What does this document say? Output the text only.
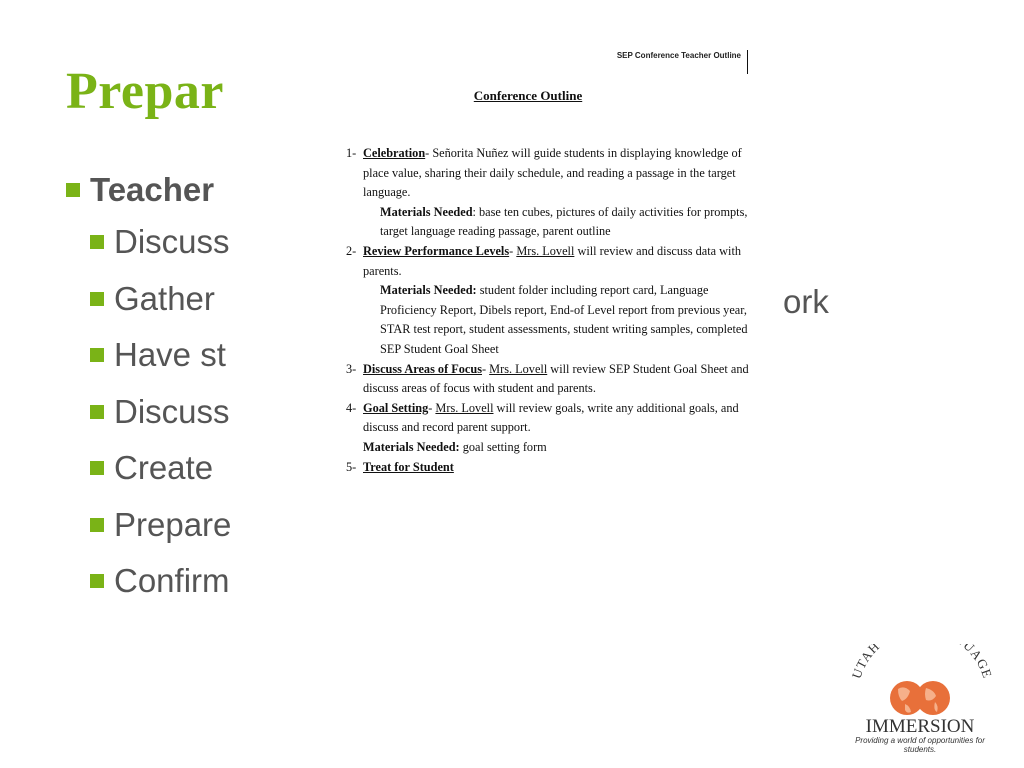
Prepar
Teacher
Discuss
Gather
Have st
Discuss
Create
Prepare
Confirm
ork
SEP Conference Teacher Outline
Conference Outline
1- Celebration- Señorita Nuñez will guide students in displaying knowledge of place value, sharing their daily schedule, and reading a passage in the target language.
Materials Needed: base ten cubes, pictures of daily activities for prompts, target language reading passage, parent outline
2- Review Performance Levels- Mrs. Lovell will review and discuss data with parents.
Materials Needed: student folder including report card, Language Proficiency Report, Dibels report, End-of Level report from previous year, STAR test report, student assessments, student writing samples, completed SEP Student Goal Sheet
3- Discuss Areas of Focus- Mrs. Lovell will review SEP Student Goal Sheet and discuss areas of focus with student and parents.
4- Goal Setting- Mrs. Lovell will review goals, write any additional goals, and discuss and record parent support.
Materials Needed: goal setting form
5- Treat for Student
UTAH UAGE
IMMERSION
Providing a world of opportunities for students.
